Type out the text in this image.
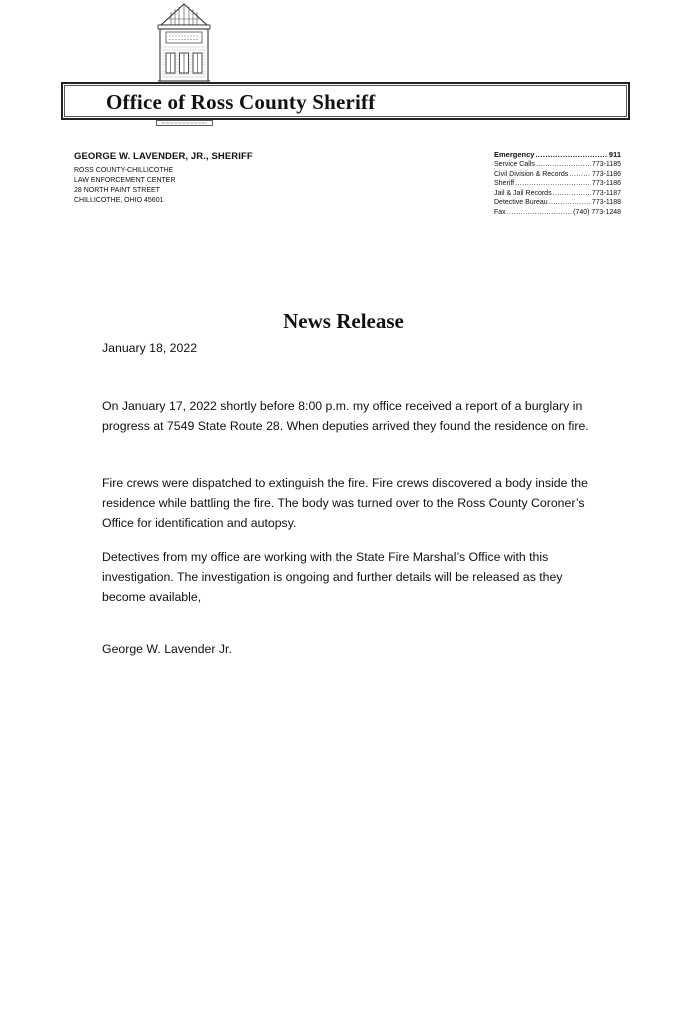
Office of Ross County Sheriff
GEORGE W. LAVENDER, JR., SHERIFF
ROSS COUNTY-CHILLICOTHE
LAW ENFORCEMENT CENTER
28 NORTH PAINT STREET
CHILLICOTHE, OHIO 45601
Emergency .....	911
Service Calls .....	773-1185
Civil Division & Records .....	773-1186
Sheriff .....	773-1186
Jail & Jail Records .....	773-1187
Detective Bureau .....	773-1188
Fax .....	(740) 773-1248
News Release
January 18, 2022

On January 17, 2022 shortly before 8:00 p.m. my office received a report of a burglary in progress at 7549 State Route 28. When deputies arrived they found the residence on fire.

Fire crews were dispatched to extinguish the fire. Fire crews discovered a body inside the residence while battling the fire. The body was turned over to the Ross County Coroner’s Office for identification and autopsy.

Detectives from my office are working with the State Fire Marshal’s Office with this investigation. The investigation is ongoing and further details will be released as they become available,

George W. Lavender Jr.
